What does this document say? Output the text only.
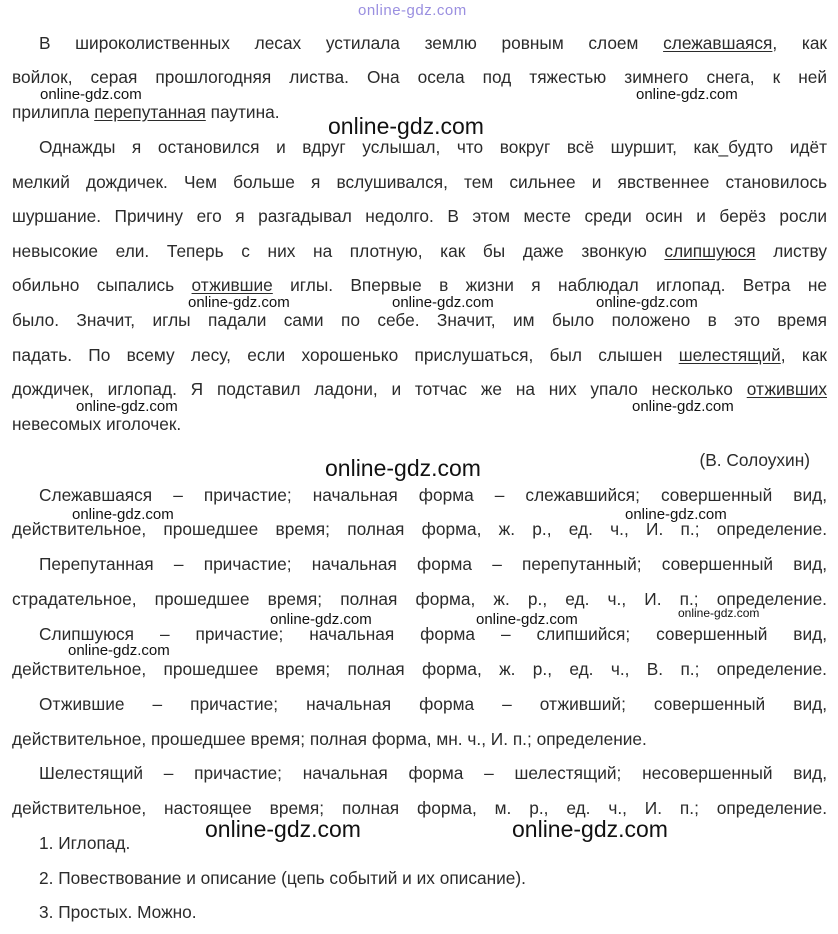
В широколиственных лесах устилала землю ровным слоем слежавшаяся, как

войлок, серая прошлогодняя листва. Она осела под тяжестью зимнего снега, к ней

прилипла перепутанная паутина.

Однажды я остановился и вдруг услышал, что вокруг всё шуршит, как_будто идёт

мелкий дождичек. Чем больше я вслушивался, тем сильнее и явственнее становилось

шуршание. Причину его я разгадывал недолго. В этом месте среди осин и берёз росли

невысокие ели. Теперь с них на плотную, как бы даже звонкую слипшуюся листву

обильно сыпались отжившие иглы. Впервые в жизни я наблюдал иглопад. Ветра не

было. Значит, иглы падали сами по себе. Значит, им было положено в это время

падать. По всему лесу, если хорошенько прислушаться, был слышен шелестящий, как

дождичек, иглопад. Я подставил ладони, и тотчас же на них упало несколько отживших

невесомых иголочек.

(В. Солоухин)

Слежавшаяся – причастие; начальная форма – слежавшийся; совершенный вид,

действительное, прошедшее время; полная форма, ж. р., ед. ч., И. п.; определение.

Перепутанная – причастие; начальная форма – перепутанный; совершенный вид,

страдательное, прошедшее время; полная форма, ж. р., ед. ч., И. п.; определение.

Слипшуюся – причастие; начальная форма – слипшийся; совершенный вид,

действительное, прошедшее время; полная форма, ж. р., ед. ч., В. п.; определение.

Отжившие – причастие; начальная форма – отживший; совершенный вид,

действительное, прошедшее время; полная форма, мн. ч., И. п.; определение.

Шелестящий – причастие; начальная форма – шелестящий; несовершенный вид,

действительное, настоящее время; полная форма, м. р., ед. ч., И. п.; определение.

1. Иглопад.

2. Повествование и описание (цепь событий и их описание).

3. Простых. Можно.

online-gdz.com
online-gdz.com	online-gdz.com
online-gdz.com
online-gdz.com	online-gdz.com	online-gdz.com
online-gdz.com	online-gdz.com
online-gdz.com
online-gdz.com	online-gdz.com
online-gdz.com
online-gdz.com	online-gdz.com
online-gdz.com
online-gdz.com	online-gdz.com
